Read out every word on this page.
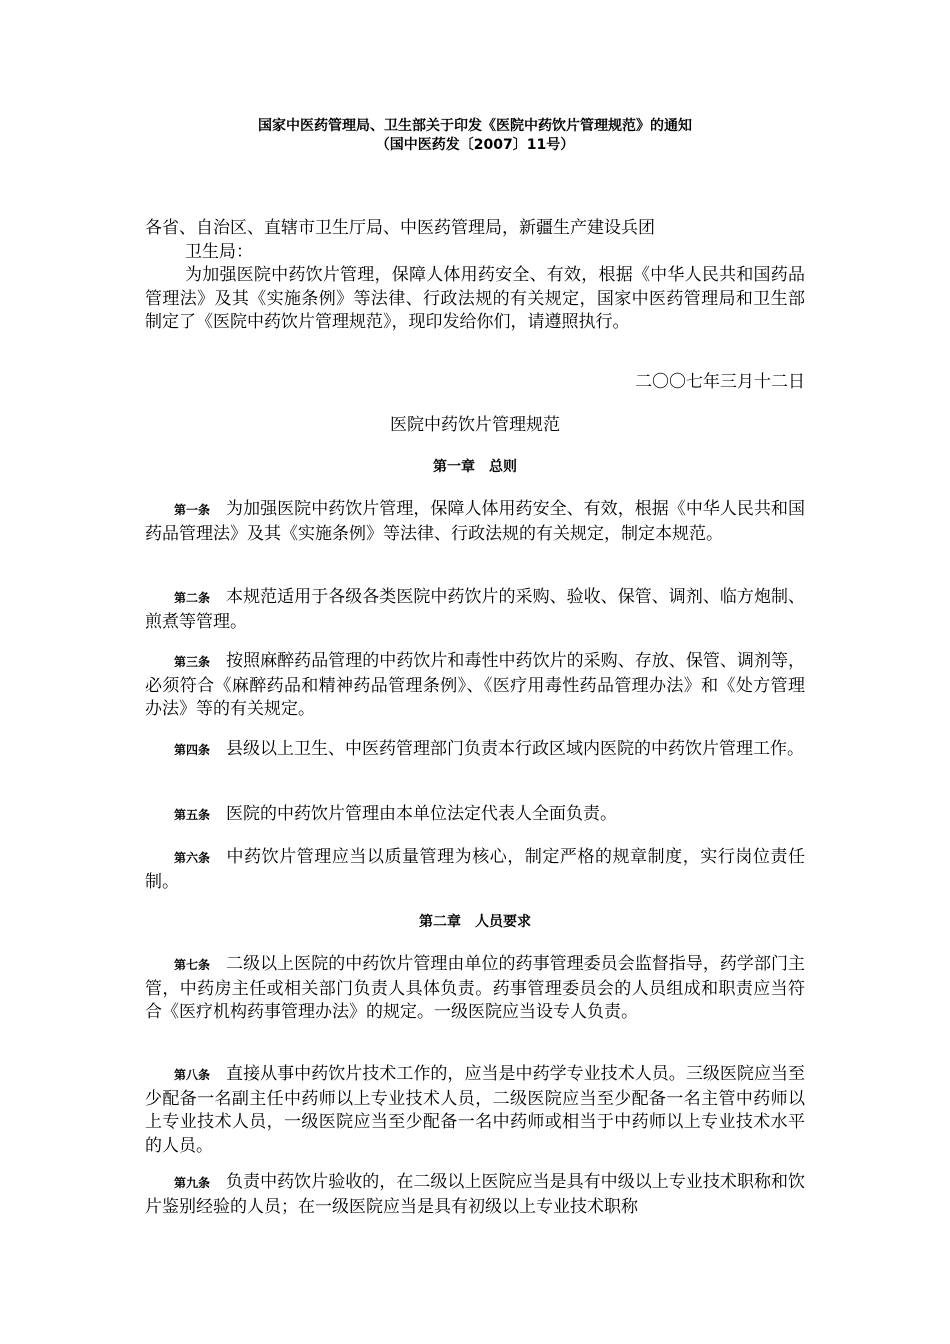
国家中医药管理局、卫生部关于印发《医院中药饮片管理规范》的通知
（国中医药发〔2007〕11号）
各省、自治区、直辖市卫生厅局、中医药管理局，新疆生产建设兵团
卫生局：
为加强医院中药饮片管理，保障人体用药安全、有效，根据《中华人民共和国药品管理法》及其《实施条例》等法律、行政法规的有关规定，国家中医药管理局和卫生部制定了《医院中药饮片管理规范》，现印发给你们，请遵照执行。
二〇〇七年三月十二日
医院中药饮片管理规范
第一章　总则
第一条 为加强医院中药饮片管理，保障人体用药安全、有效，根据《中华人民共和国药品管理法》及其《实施条例》等法律、行政法规的有关规定，制定本规范。
第二条 本规范适用于各级各类医院中药饮片的采购、验收、保管、调剂、临方炮制、煎煮等管理。
第三条 按照麻醉药品管理的中药饮片和毒性中药饮片的采购、存放、保管、调剂等，必须符合《麻醉药品和精神药品管理条例》、《医疗用毒性药品管理办法》和《处方管理办法》等的有关规定。
第四条 县级以上卫生、中医药管理部门负责本行政区域内医院的中药饮片管理工作。
第五条 医院的中药饮片管理由本单位法定代表人全面负责。
第六条 中药饮片管理应当以质量管理为核心，制定严格的规章制度，实行岗位责任制。
第二章　人员要求
第七条 二级以上医院的中药饮片管理由单位的药事管理委员会监督指导，药学部门主管，中药房主任或相关部门负责人具体负责。药事管理委员会的人员组成和职责应当符合《医疗机构药事管理办法》的规定。一级医院应当设专人负责。
第八条 直接从事中药饮片技术工作的，应当是中药学专业技术人员。三级医院应当至少配备一名副主任中药师以上专业技术人员，二级医院应当至少配备一名主管中药师以上专业技术人员，一级医院应当至少配备一名中药师或相当于中药师以上专业技术水平的人员。
第九条 负责中药饮片验收的，在二级以上医院应当是具有中级以上专业技术职称和饮片鉴别经验的人员；在一级医院应当是具有初级以上专业技术职称
